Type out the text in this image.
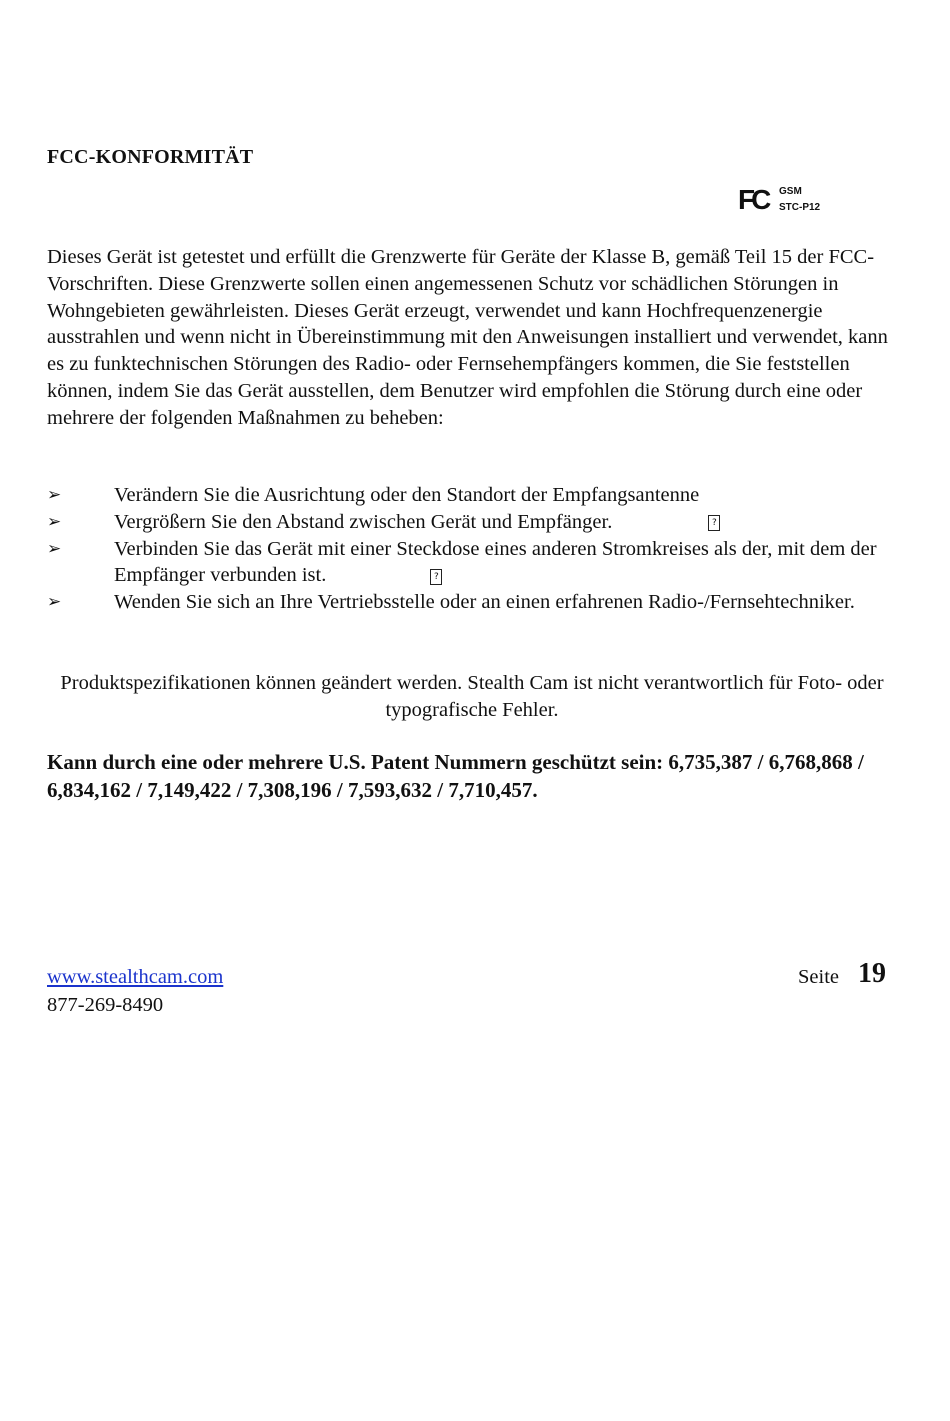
FCC-KONFORMITÄT
FC GSM
STC-P12

Dieses Gerät ist getestet und erfüllt die Grenzwerte für Geräte der Klasse B, gemäß Teil 15 der FCC-Vorschriften. Diese Grenzwerte sollen einen angemessenen Schutz vor schädlichen Störungen in Wohngebieten gewährleisten. Dieses Gerät erzeugt, verwendet und kann Hochfrequenzenergie ausstrahlen und wenn nicht in Übereinstimmung mit den Anweisungen installiert und verwendet, kann es zu funktechnischen Störungen des Radio- oder Fernsehempfängers kommen, die Sie feststellen können, indem Sie das Gerät ausstellen, dem Benutzer wird empfohlen die Störung durch eine oder mehrere der folgenden Maßnahmen zu beheben:

➢	Verändern Sie die Ausrichtung oder den Standort der Empfangsantenne
➢	Vergrößern Sie den Abstand zwischen Gerät und Empfänger.	?
➢	Verbinden Sie das Gerät mit einer Steckdose eines anderen Stromkreises als der, mit dem der Empfänger verbunden ist.	?
➢	Wenden Sie sich an Ihre Vertriebsstelle oder an einen erfahrenen Radio-/Fernsehtechniker.

Produktspezifikationen können geändert werden. Stealth Cam ist nicht verantwortlich für Foto- oder typografische Fehler.

Kann durch eine oder mehrere U.S. Patent Nummern geschützt sein: 6,735,387 / 6,768,868 / 6,834,162 / 7,149,422 / 7,308,196 / 7,593,632 / 7,710,457.

www.stealthcam.com
877-269-8490
Seite 19
